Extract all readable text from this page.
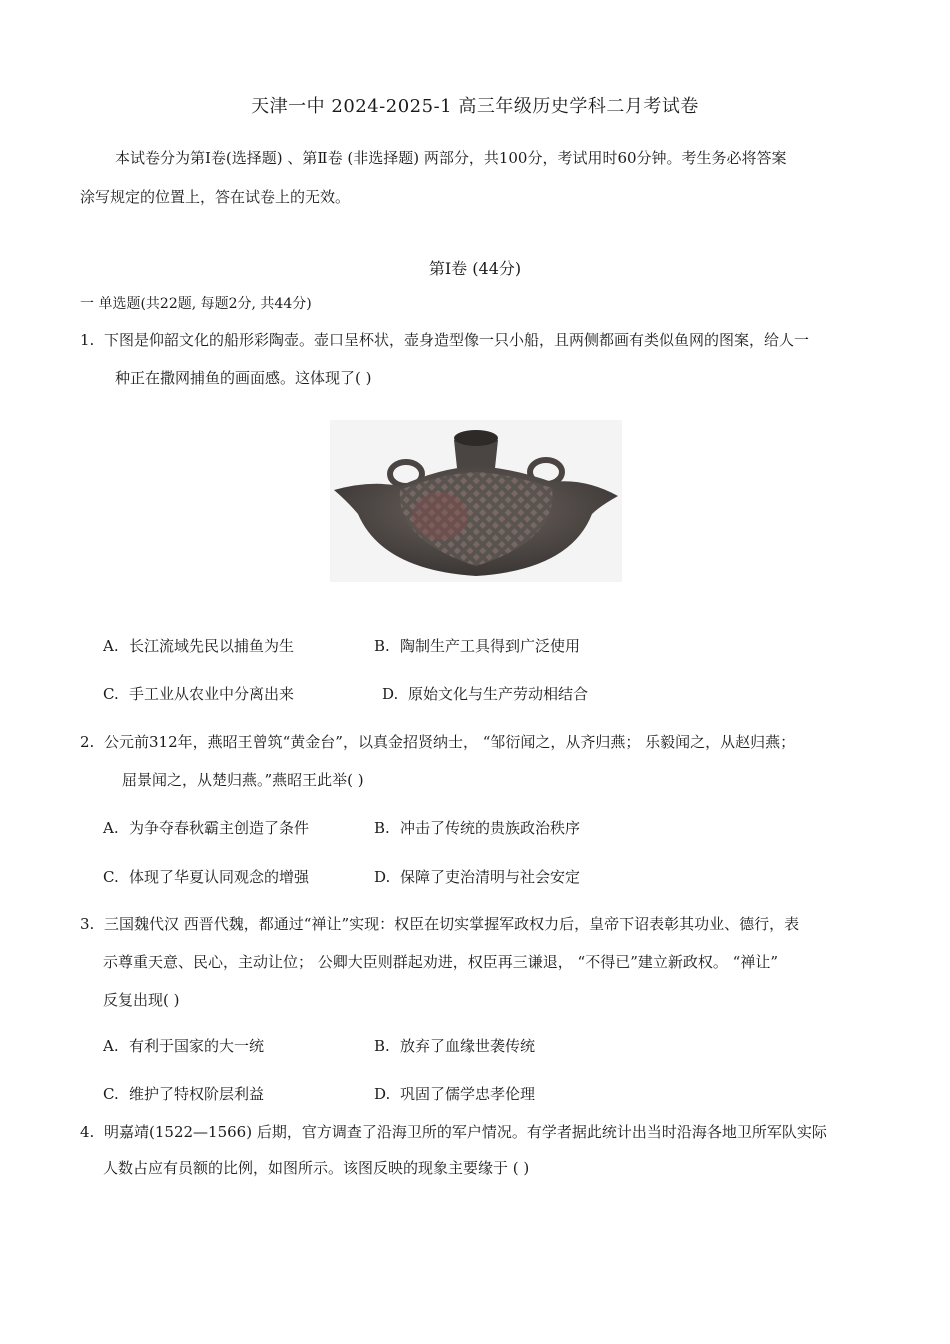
天津一中 2024-2025-1 高三年级历史学科二月考试卷
本试卷分为第Ⅰ卷(选择题) 、第Ⅱ卷 (非选择题) 两部分，共100分，考试用时60分钟。考生务必将答案
涂写规定的位置上，答在试卷上的无效。
第Ⅰ卷 (44分)
一 单选题(共22题, 每题2分, 共44分)
1. 下图是仰韶文化的船形彩陶壶。壶口呈杯状，壶身造型像一只小船，且两侧都画有类似鱼网的图案，给人一
种正在撒网捕鱼的画面感。这体现了( )
A. 长江流域先民以捕鱼为生	B. 陶制生产工具得到广泛使用
C. 手工业从农业中分离出来	D. 原始文化与生产劳动相结合
2. 公元前312年，燕昭王曾筑“黄金台”，以真金招贤纳士， “邹衍闻之，从齐归燕； 乐毅闻之，从赵归燕；
屈景闻之，从楚归燕。”燕昭王此举( )
A. 为争夺春秋霸主创造了条件	B. 冲击了传统的贵族政治秩序
C. 体现了华夏认同观念的增强	D. 保障了吏治清明与社会安定
3. 三国魏代汉 西晋代魏，都通过“禅让”实现：权臣在切实掌握军政权力后，皇帝下诏表彰其功业、德行，表
示尊重天意、民心，主动让位； 公卿大臣则群起劝进，权臣再三谦退， “不得已”建立新政权。 “禅让”
反复出现( )
A. 有利于国家的大一统	B. 放弃了血缘世袭传统
C. 维护了特权阶层利益	D. 巩固了儒学忠孝伦理
4. 明嘉靖(1522—1566) 后期，官方调查了沿海卫所的军户情况。有学者据此统计出当时沿海各地卫所军队实际
人数占应有员额的比例，如图所示。该图反映的现象主要缘于 ( )
